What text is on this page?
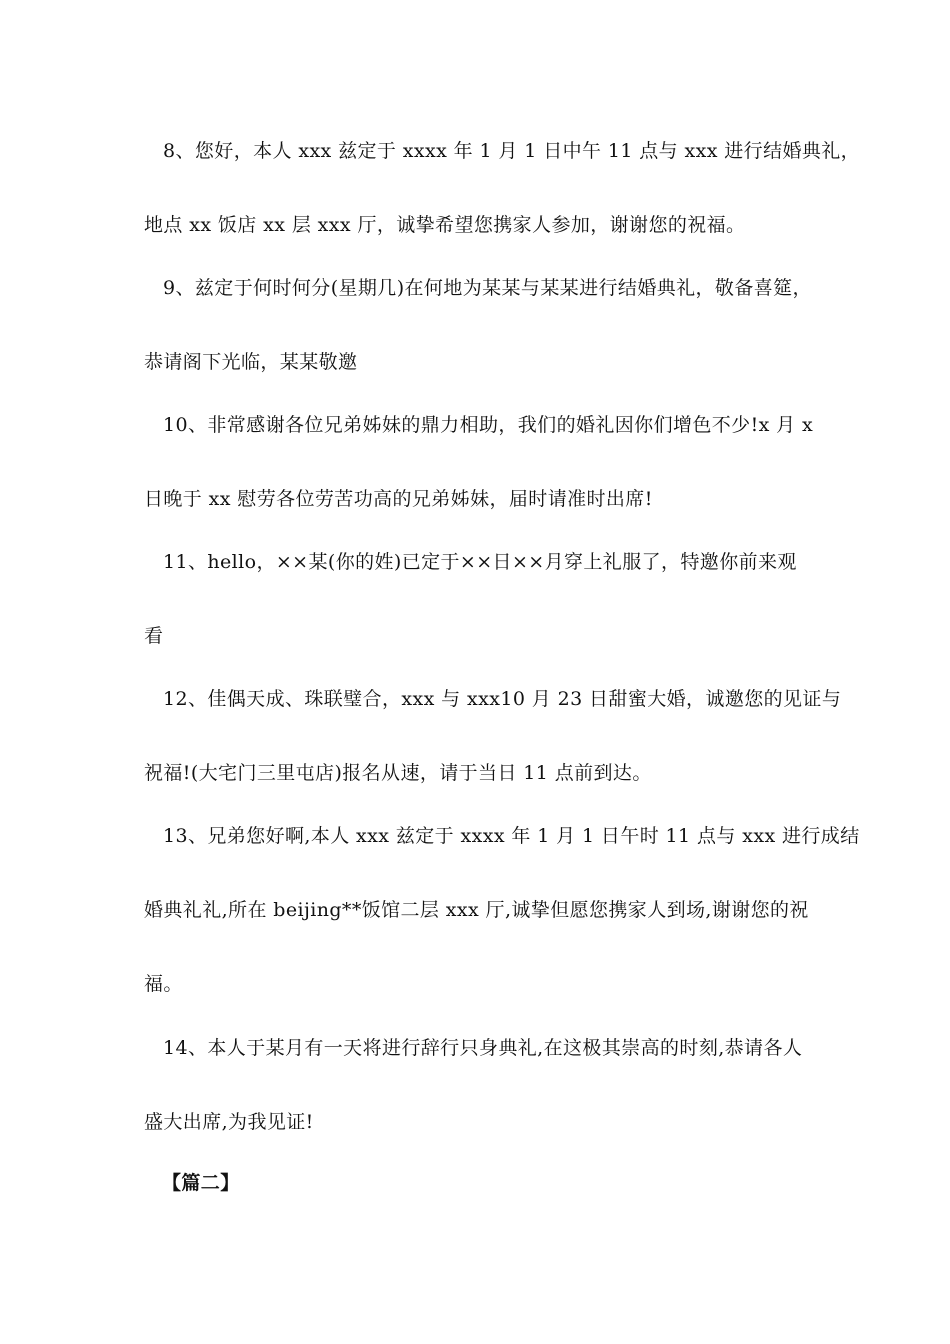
8、您好，本人 xxx 兹定于 xxxx 年 1 月 1 日中午 11 点与 xxx 进行结婚典礼，
地点 xx 饭店 xx 层 xxx 厅，诚挚希望您携家人参加，谢谢您的祝福。
9、兹定于何时何分(星期几)在何地为某某与某某进行结婚典礼，敬备喜筵，
恭请阁下光临，某某敬邀
10、非常感谢各位兄弟姊妹的鼎力相助，我们的婚礼因你们增色不少!x 月 x
日晚于 xx 慰劳各位劳苦功高的兄弟姊妹，届时请准时出席!
11、hello，××某(你的姓)已定于××日××月穿上礼服了，特邀你前来观
看
12、佳偶天成、珠联璧合，xxx 与 xxx10 月 23 日甜蜜大婚，诚邀您的见证与
祝福!(大宅门三里屯店)报名从速，请于当日 11 点前到达。
13、兄弟您好啊,本人 xxx 兹定于 xxxx 年 1 月 1 日午时 11 点与 xxx 进行成结
婚典礼礼,所在 beijing**饭馆二层 xxx 厅,诚挚但愿您携家人到场,谢谢您的祝
福。
14、本人于某月有一天将进行辞行只身典礼,在这极其崇高的时刻,恭请各人
盛大出席,为我见证!
【篇二】
